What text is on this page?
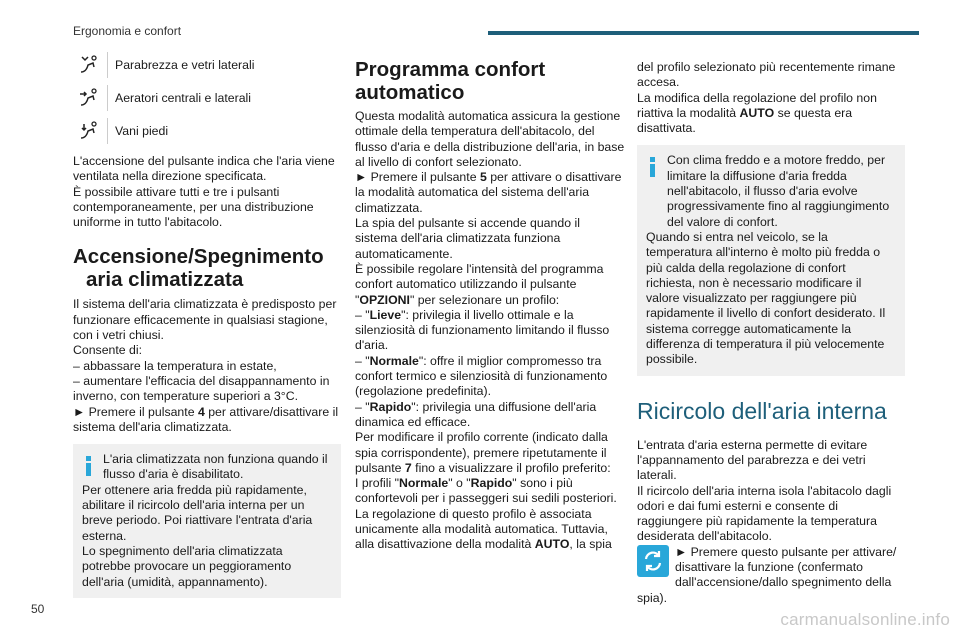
Ergonomia e confort
Parabrezza e vetri laterali
Aeratori centrali e laterali
Vani piedi

L'accensione del pulsante indica che l'aria viene ventilata nella direzione specificata.

È possibile attivare tutti e tre i pulsanti contemporaneamente, per una distribuzione uniforme in tutto l'abitacolo.

Accensione/Spegnimento
aria climatizzata

Il sistema dell'aria climatizzata è predisposto per funzionare efficacemente in qualsiasi stagione, con i vetri chiusi.

Consente di:

– abbassare la temperatura in estate,

– aumentare l'efficacia del disappannamento in inverno, con temperature superiori a 3°C.

► Premere il pulsante 4 per attivare/disattivare il sistema dell'aria climatizzata.

L'aria climatizzata non funziona quando il flusso d'aria è disabilitato.

Per ottenere aria fredda più rapidamente, abilitare il ricircolo dell'aria interna per un breve periodo. Poi riattivare l'entrata d'aria esterna.

Lo spegnimento dell'aria climatizzata potrebbe provocare un peggioramento dell'aria (umidità, appannamento).

Programma confort
automatico

Questa modalità automatica assicura la gestione ottimale della temperatura dell'abitacolo, del flusso d'aria e della distribuzione dell'aria, in base al livello di confort selezionato.

► Premere il pulsante 5 per attivare o disattivare la modalità automatica del sistema dell'aria climatizzata.

La spia del pulsante si accende quando il sistema dell'aria climatizzata funziona automaticamente.

È possibile regolare l'intensità del programma confort automatico utilizzando il pulsante "OPZIONI" per selezionare un profilo:

– "Lieve": privilegia il livello ottimale e la silenziosità di funzionamento limitando il flusso d'aria.

– "Normale": offre il miglior compromesso tra confort termico e silenziosità di funzionamento (regolazione predefinita).

– "Rapido": privilegia una diffusione dell'aria dinamica ed efficace.

Per modificare il profilo corrente (indicato dalla spia corrispondente), premere ripetutamente il pulsante 7 fino a visualizzare il profilo preferito:

I profili "Normale" o "Rapido" sono i più confortevoli per i passeggeri sui sedili posteriori.

La regolazione di questo profilo è associata unicamente alla modalità automatica. Tuttavia, alla disattivazione della modalità AUTO, la spia

del profilo selezionato più recentemente rimane accesa.

La modifica della regolazione del profilo non riattiva la modalità AUTO se questa era disattivata.

Con clima freddo e a motore freddo, per limitare la diffusione d'aria fredda nell'abitacolo, il flusso d'aria evolve progressivamente fino al raggiungimento del valore di confort.

Quando si entra nel veicolo, se la temperatura all'interno è molto più fredda o più calda della regolazione di confort richiesta, non è necessario modificare il valore visualizzato per raggiungere più rapidamente il livello di confort desiderato. Il sistema corregge automaticamente la differenza di temperatura il più velocemente possibile.

Ricircolo dell'aria interna

L'entrata d'aria esterna permette di evitare l'appannamento del parabrezza e dei vetri laterali.

Il ricircolo dell'aria interna isola l'abitacolo dagli odori e dai fumi esterni e consente di raggiungere più rapidamente la temperatura desiderata dell'abitacolo.

► Premere questo pulsante per attivare/ disattivare la funzione (confermato dall'accensione/dallo spegnimento della spia).

50
carmanualsonline.info
